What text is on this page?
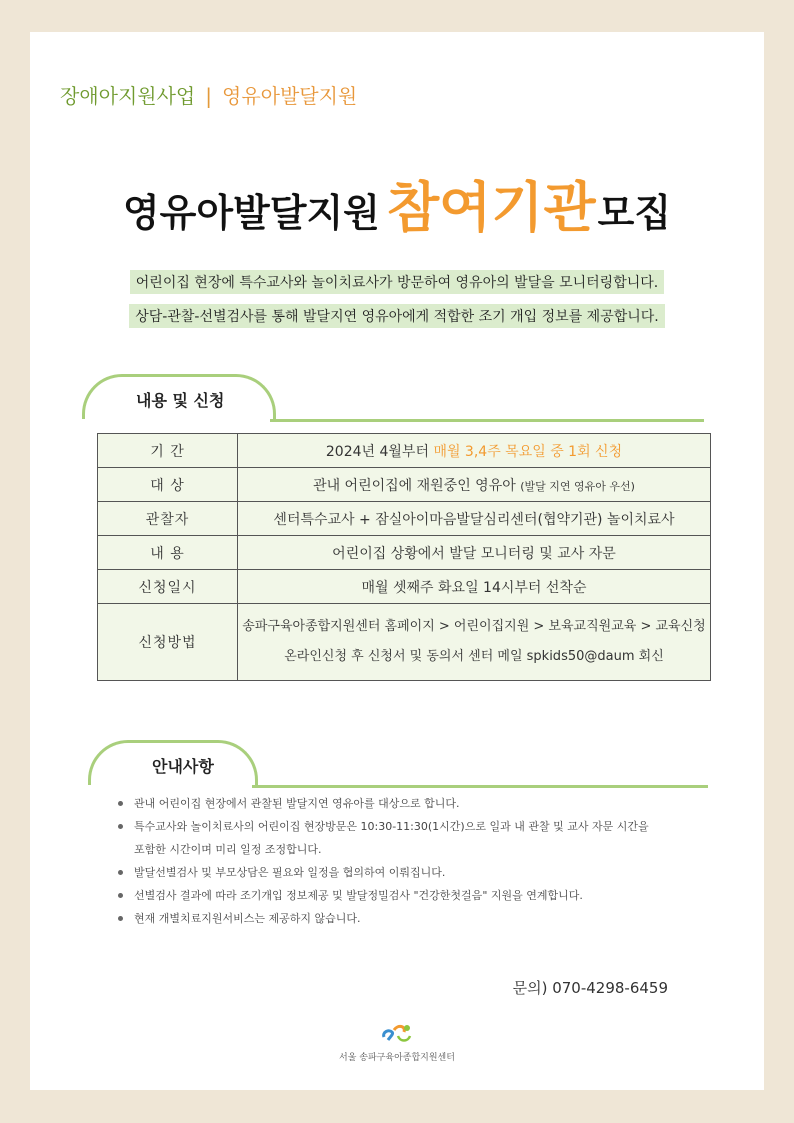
장애아지원사업 | 영유아발달지원
영유아발달지원 참여기관모집
어린이집 현장에 특수교사와 놀이치료사가 방문하여 영유아의 발달을 모니터링합니다.
상담-관찰-선별검사를 통해 발달지연 영유아에게 적합한 조기 개입 정보를 제공합니다.
내용 및 신청
기 간	2024년 4월부터 매월 3,4주 목요일 중 1회 신청
대 상	관내 어린이집에 재원중인 영유아 (발달 지연 영유아 우선)
관찰자	센터특수교사 + 잠실아이마음발달심리센터(협약기관) 놀이치료사
내 용	어린이집 상황에서 발달 모니터링 및 교사 자문
신청일시	매월 셋째주 화요일 14시부터 선착순
신청방법	송파구육아종합지원센터 홈페이지 > 어린이집지원 > 보육교직원교육 > 교육신청
온라인신청 후 신청서 및 동의서 센터 메일 spkids50@daum 회신
안내사항
관내 어린이집 현장에서 관찰된 발달지연 영유아를 대상으로 합니다.
특수교사와 놀이치료사의 어린이집 현장방문은 10:30-11:30(1시간)으로 일과 내 관찰 및 교사 자문 시간을
포함한 시간이며 미리 일정 조정합니다.
발달선별검사 및 부모상담은 필요와 일정을 협의하여 이뤄집니다.
선별검사 결과에 따라 조기개입 정보제공 및 발달정밀검사 "건강한첫걸음" 지원을 연계합니다.
현재 개별치료지원서비스는 제공하지 않습니다.
문의) 070-4298-6459
서울 송파구육아종합지원센터
